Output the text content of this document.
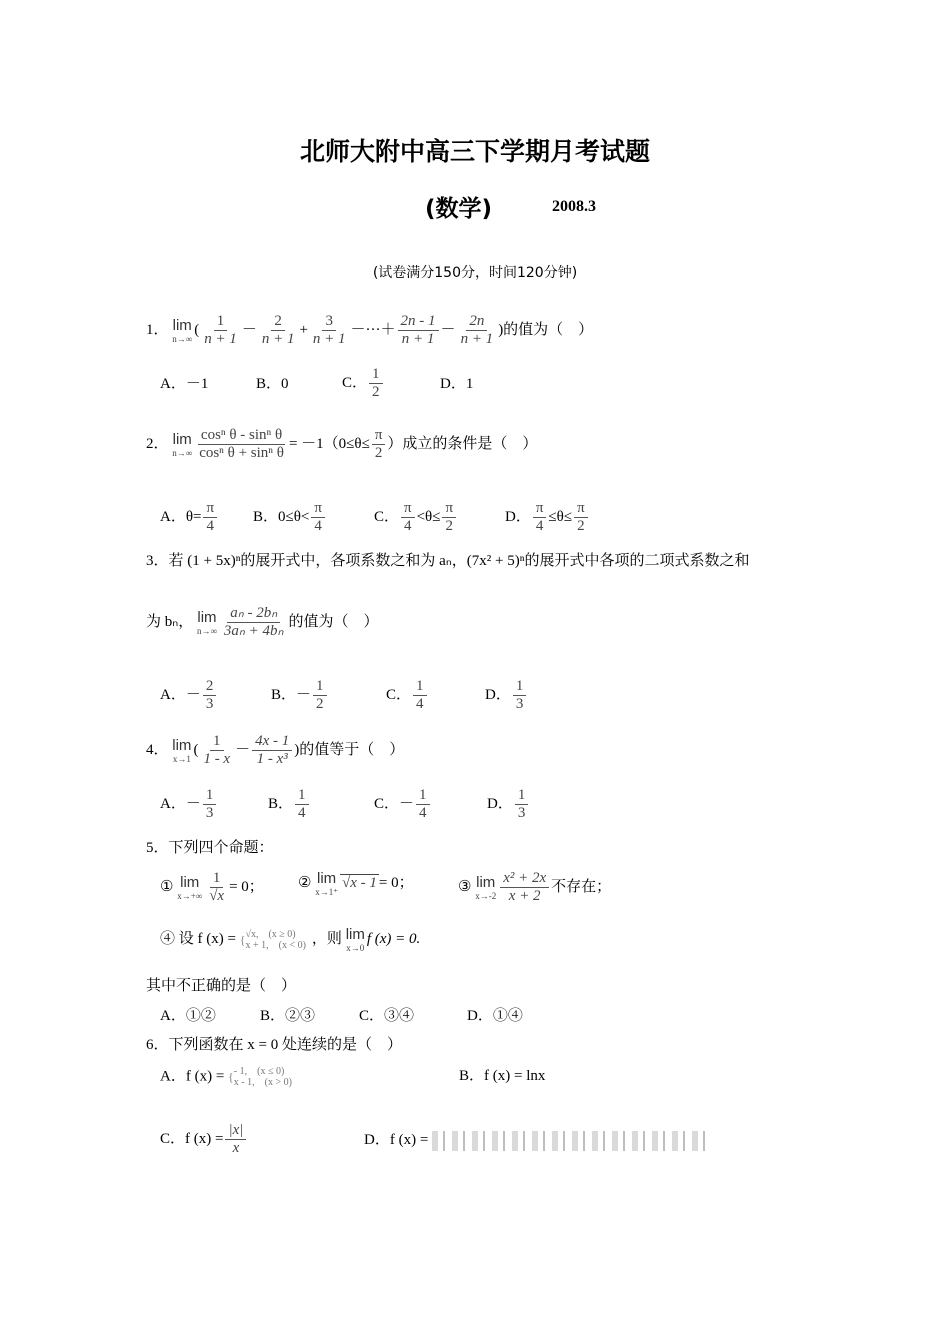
北师大附中高三下学期月考试题
(数学)	2008.3
(试卷满分150分，时间120分钟)
1． lim
n→∞
( $\frac{1}{n + 1} - \frac{2}{n + 1} + \frac{3}{n + 1}$ －···＋ $\frac{2n - 1}{n + 1} - \frac{2n}{n + 1}$ )的值为（　）
A．－1	B．0	C． $\frac{1}{2}$	D．1
2． lim
$n\to\infty \frac{\text{cosⁿ θ - sinⁿ θ}}{\text{cosⁿ θ + sinⁿ θ}} = -1(0\le\theta\le \frac{\pi}{2}$ ）成立的条件是（　）
A．$\theta= \frac{\pi}{4}$ B．$0\le\theta< \frac{\pi}{4}$	C． $\frac{\pi}{4} <\theta\le \frac{\pi}{2}$	D． $\frac{\pi}{4} \le\theta\le \frac{\pi}{2}$
3．若 (1 + 5x)ⁿ的展开式中，各项系数之和为 aₙ，(7x² + 5)ⁿ的展开式中各项的二项式系数之和
为 bₙ， lim
$n\to\infty \frac{\text{aₙ - 2bₙ}}{\text{3aₙ + 4bₙ}}$ 的值为（　）
A．－ $\frac{2}{3}$	B．－ $\frac{1}{2}$	C． $\frac{1}{4}$	D． $\frac{1}{3}$
4． lim
x→1
( $\frac{1}{1 - x} - \frac{4x - 1}{\text{1 - x³}}$ )的值等于（　）
A．－ $\frac{1}{3}$	B． $\frac{1}{4}$	C．－ $\frac{1}{4}$	D． $\frac{1}{3}$
5．下列四个命题：
① lim
$x\to+\infty \frac{1}{√x} = 0$； ② lim
x→1⁺
√x - 1 = 0；	③ lim
$x\to-2 \frac{\text{x² + 2x}}{x + 2}$ 不存在；
④ 设 f (x) = { √x,　(x ≥ 0)
x + 1,　(x < 0) ，则 lim
x→0
f (x) = 0.
其中不正确的是（　）
A．①②	B．②③	C．③④	D．①④
6．下列函数在 x = 0 处连续的是（　）
A．f (x) = { - 1,　(x ≤ 0)
x - 1,　(x > 0)	B．f (x) = lnx
C．f $(x) = \frac{|x|}{x}$	D．f (x) =
